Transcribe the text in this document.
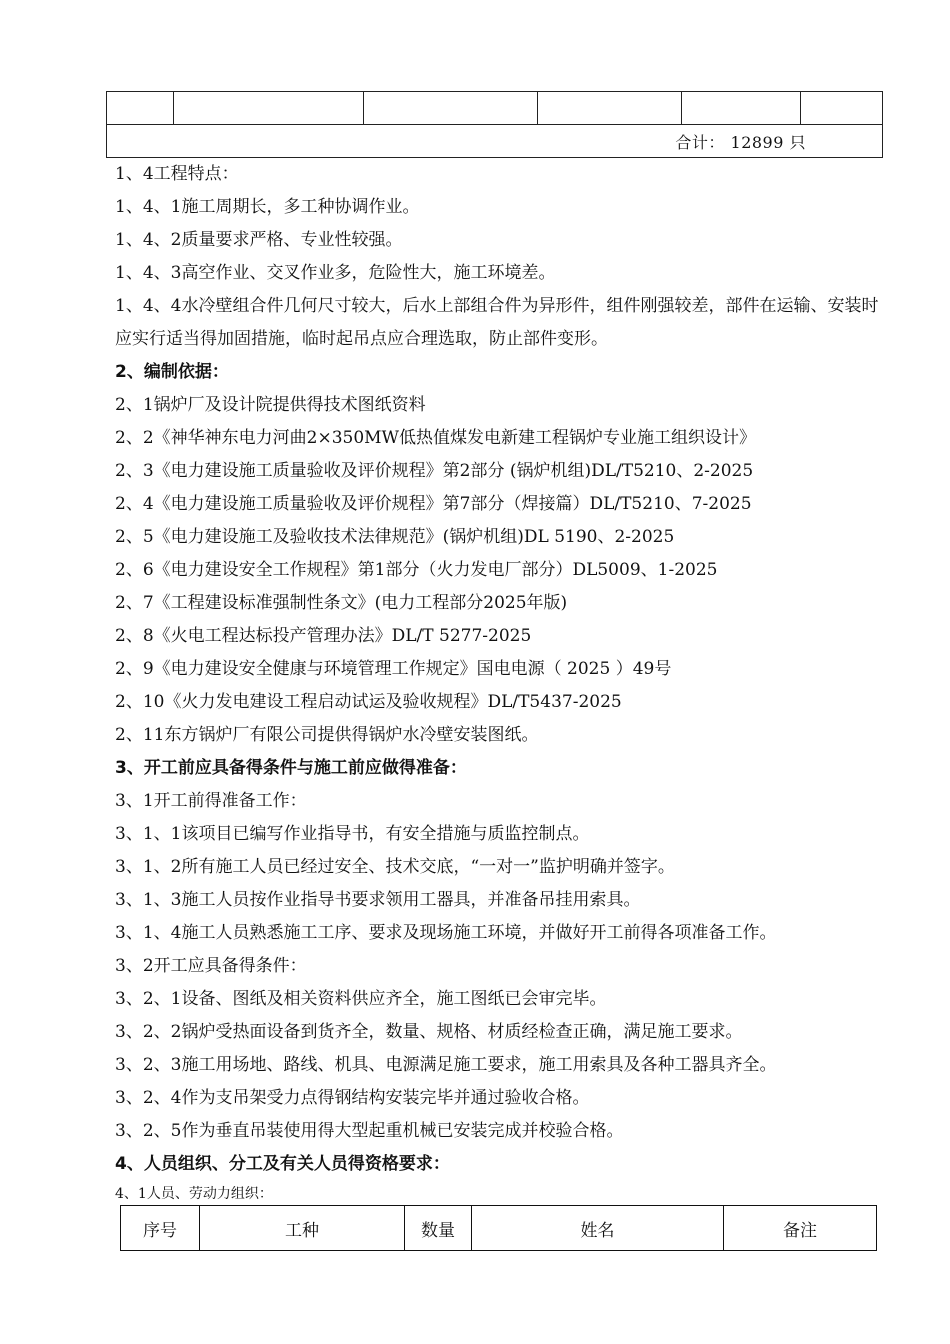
合计： 12899 只
1、4工程特点：
1、4、1施工周期长，多工种协调作业。
1、4、2质量要求严格、专业性较强。
1、4、3高空作业、交叉作业多，危险性大，施工环境差。
1、4、4水冷壁组合件几何尺寸较大，后水上部组合件为异形件，组件刚强较差，部件在运输、安装时应实行适当得加固措施，临时起吊点应合理选取，防止部件变形。
2、编制依据：
2、1锅炉厂及设计院提供得技术图纸资料
2、2《神华神东电力河曲2×350MW低热值煤发电新建工程锅炉专业施工组织设计》
2、3《电力建设施工质量验收及评价规程》第2部分 (锅炉机组)DL/T5210、2-2025
2、4《电力建设施工质量验收及评价规程》第7部分（焊接篇）DL/T5210、7-2025
2、5《电力建设施工及验收技术法律规范》(锅炉机组)DL 5190、2-2025
2、6《电力建设安全工作规程》第1部分（火力发电厂部分）DL5009、1-2025
2、7《工程建设标准强制性条文》(电力工程部分2025年版)
2、8《火电工程达标投产管理办法》DL/T 5277-2025
2、9《电力建设安全健康与环境管理工作规定》国电电源（ 2025 ）49号
2、10《火力发电建设工程启动试运及验收规程》DL/T5437-2025
2、11东方锅炉厂有限公司提供得锅炉水冷壁安装图纸。
3、开工前应具备得条件与施工前应做得准备：
3、1开工前得准备工作：
3、1、1该项目已编写作业指导书，有安全措施与质监控制点。
3、1、2所有施工人员已经过安全、技术交底，“一对一”监护明确并签字。
3、1、3施工人员按作业指导书要求领用工器具，并准备吊挂用索具。
3、1、4施工人员熟悉施工工序、要求及现场施工环境，并做好开工前得各项准备工作。
3、2开工应具备得条件：
3、2、1设备、图纸及相关资料供应齐全，施工图纸已会审完毕。
3、2、2锅炉受热面设备到货齐全，数量、规格、材质经检查正确，满足施工要求。
3、2、3施工用场地、路线、机具、电源满足施工要求，施工用索具及各种工器具齐全。
3、2、4作为支吊架受力点得钢结构安装完毕并通过验收合格。
3、2、5作为垂直吊装使用得大型起重机械已安装完成并校验合格。
4、人员组织、分工及有关人员得资格要求：
4、1人员、劳动力组织：
序号	工种	数量	姓名	备注
